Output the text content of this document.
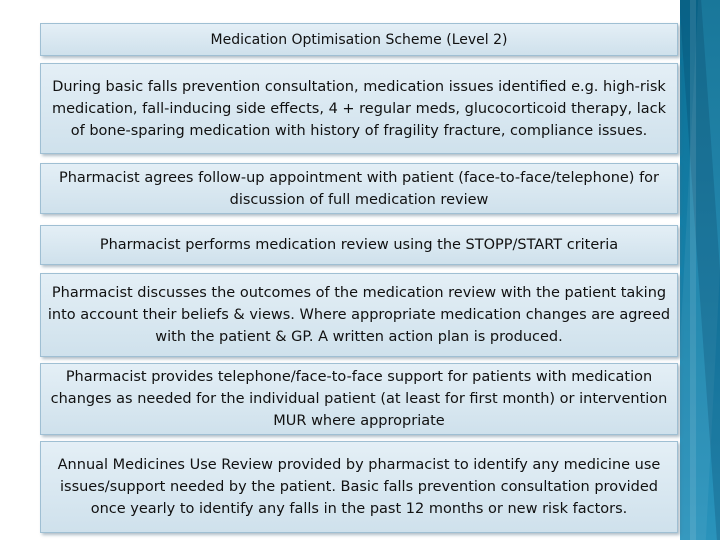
Medication Optimisation Scheme (Level 2)
During basic falls prevention consultation, medication issues identified e.g. high-risk medication, fall-inducing side effects, 4 + regular meds, glucocorticoid therapy, lack of bone-sparing medication with history of fragility fracture, compliance issues.
Pharmacist agrees follow-up appointment with patient (face-to-face/telephone) for discussion of full medication review
Pharmacist performs medication review using the STOPP/START criteria
Pharmacist discusses the outcomes of the medication review with the patient taking into account their beliefs & views. Where appropriate medication changes are agreed with the patient & GP. A written action plan is produced.
Pharmacist provides telephone/face-to-face support for patients with medication changes as needed for the individual patient (at least for first month) or intervention MUR where appropriate
Annual Medicines Use Review provided by pharmacist to identify any medicine use issues/support needed by the patient. Basic falls prevention consultation provided once yearly to identify any falls in the past 12 months or new risk factors.
